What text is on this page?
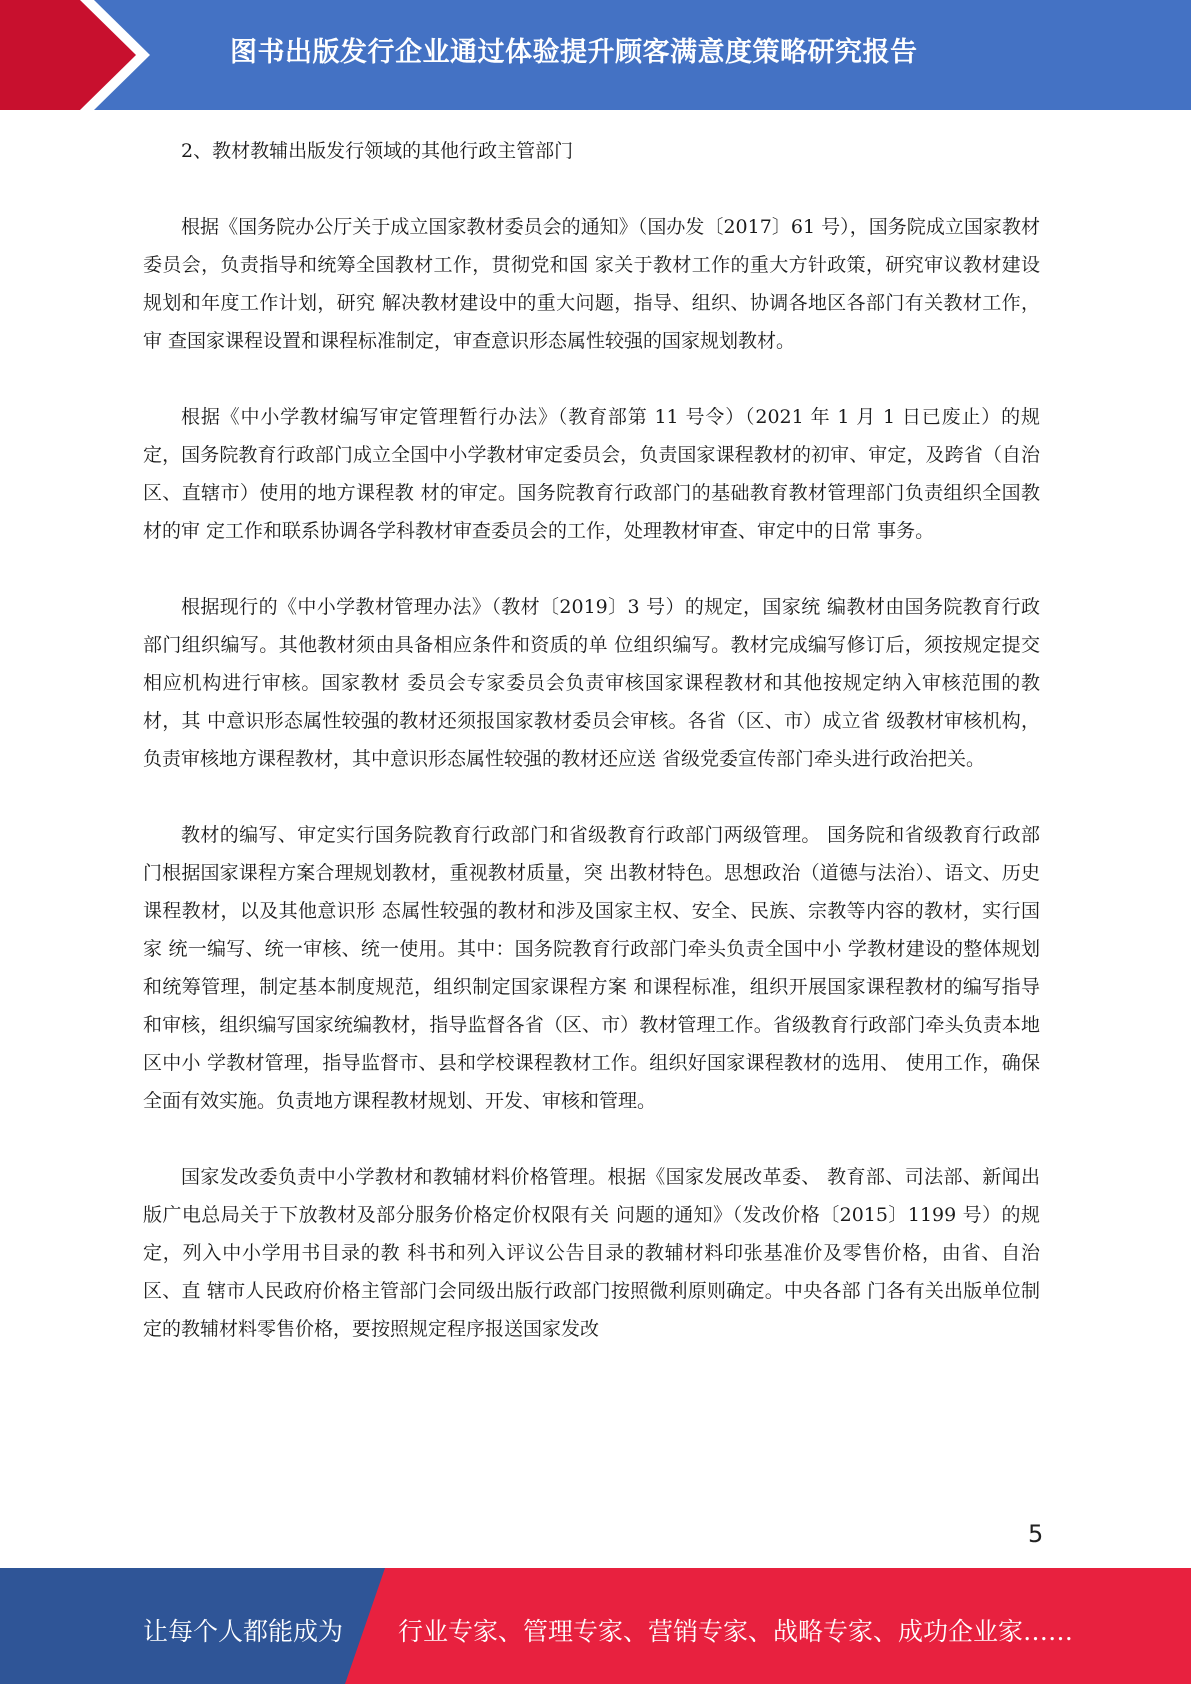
图书出版发行企业通过体验提升顾客满意度策略研究报告

2、教材教辅出版发行领域的其他行政主管部门

根据《国务院办公厅关于成立国家教材委员会的通知》（国办发〔2017〕61 号），国务院成立国家教材委员会，负责指导和统筹全国教材工作，贯彻党和国 家关于教材工作的重大方针政策，研究审议教材建设规划和年度工作计划，研究 解决教材建设中的重大问题，指导、组织、协调各地区各部门有关教材工作，审 查国家课程设置和课程标准制定，审查意识形态属性较强的国家规划教材。

根据《中小学教材编写审定管理暂行办法》（教育部第 11 号令）（2021 年 1 月 1 日已废止）的规定，国务院教育行政部门成立全国中小学教材审定委员会，负责国家课程教材的初审、审定，及跨省（自治区、直辖市）使用的地方课程教 材的审定。国务院教育行政部门的基础教育教材管理部门负责组织全国教材的审 定工作和联系协调各学科教材审查委员会的工作，处理教材审查、审定中的日常 事务。

根据现行的《中小学教材管理办法》（教材〔2019〕3 号）的规定，国家统 编教材由国务院教育行政部门组织编写。其他教材须由具备相应条件和资质的单 位组织编写。教材完成编写修订后，须按规定提交相应机构进行审核。国家教材 委员会专家委员会负责审核国家课程教材和其他按规定纳入审核范围的教材，其 中意识形态属性较强的教材还须报国家教材委员会审核。各省（区、市）成立省 级教材审核机构，负责审核地方课程教材，其中意识形态属性较强的教材还应送 省级党委宣传部门牵头进行政治把关。

教材的编写、审定实行国务院教育行政部门和省级教育行政部门两级管理。 国务院和省级教育行政部门根据国家课程方案合理规划教材，重视教材质量，突 出教材特色。思想政治（道德与法治）、语文、历史课程教材，以及其他意识形 态属性较强的教材和涉及国家主权、安全、民族、宗教等内容的教材，实行国家 统一编写、统一审核、统一使用。其中：国务院教育行政部门牵头负责全国中小 学教材建设的整体规划和统筹管理，制定基本制度规范，组织制定国家课程方案 和课程标准，组织开展国家课程教材的编写指导和审核，组织编写国家统编教材，指导监督各省（区、市）教材管理工作。省级教育行政部门牵头负责本地区中小 学教材管理，指导监督市、县和学校课程教材工作。组织好国家课程教材的选用、 使用工作，确保全面有效实施。负责地方课程教材规划、开发、审核和管理。

国家发改委负责中小学教材和教辅材料价格管理。根据《国家发展改革委、 教育部、司法部、新闻出版广电总局关于下放教材及部分服务价格定价权限有关 问题的通知》（发改价格〔2015〕1199 号）的规定，列入中小学用书目录的教 科书和列入评议公告目录的教辅材料印张基准价及零售价格，由省、自治区、直 辖市人民政府价格主管部门会同级出版行政部门按照微利原则确定。中央各部 门各有关出版单位制定的教辅材料零售价格，要按照规定程序报送国家发改

5
让每个人都能成为 行业专家、管理专家、营销专家、战略专家、成功企业家……
